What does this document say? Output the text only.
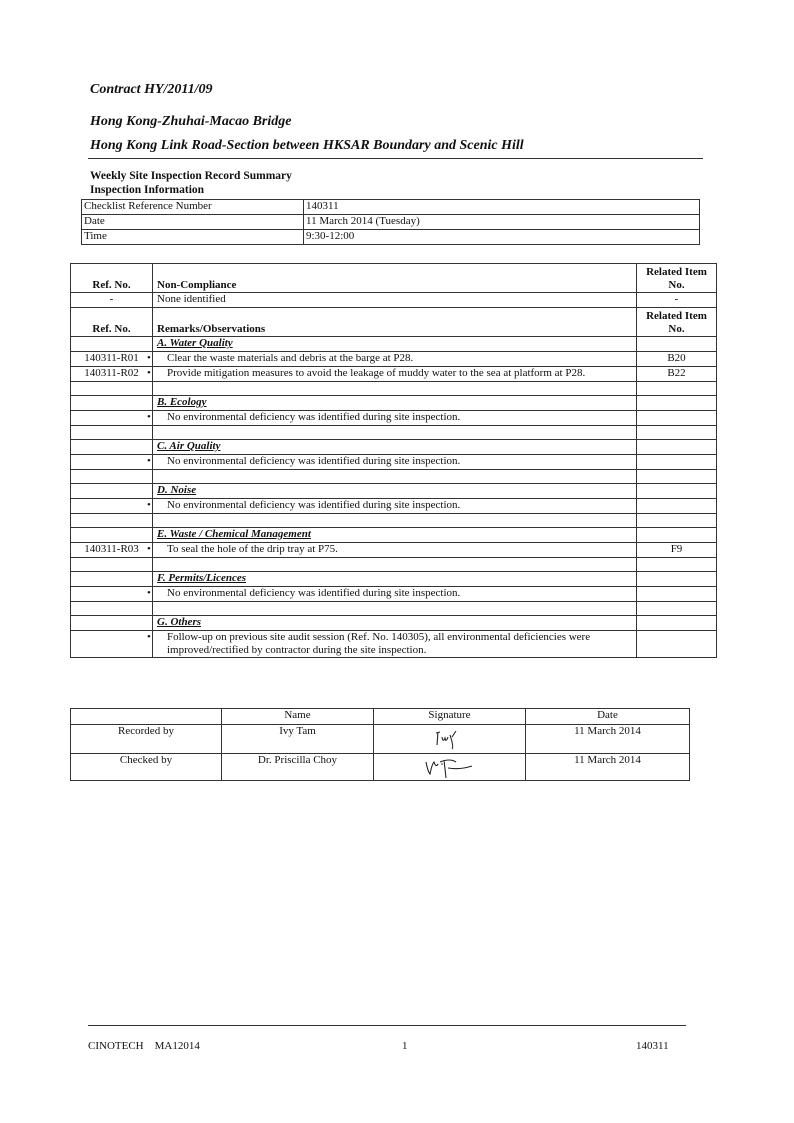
Contract HY/2011/09
Hong Kong-Zhuhai-Macao Bridge
Hong Kong Link Road-Section between HKSAR Boundary and Scenic Hill
Weekly Site Inspection Record Summary
Inspection Information
Checklist Reference Number	140311
Date	11 March 2014 (Tuesday)
Time	9:30-12:00
Ref. No.	Non-Compliance	Related Item No.
-	None identified	-
Ref. No.	Remarks/Observations	Related Item No.
	A. Water Quality	
140311-R01	• Clear the waste materials and debris at the barge at P28.	B20
140311-R02	• Provide mitigation measures to avoid the leakage of muddy water to the sea at platform at P28.	B22

	B. Ecology	

	• No environmental deficiency was identified during site inspection.

	C. Air Quality	

	• No environmental deficiency was identified during site inspection.

	D. Noise	

	• No environmental deficiency was identified during site inspection.

	E. Waste / Chemical Management	
140311-R03	• To seal the hole of the drip tray at P75.	F9

	F. Permits/Licences	

	• No environmental deficiency was identified during site inspection.

	G. Others	

	• Follow-up on previous site audit session (Ref. No. 140305), all environmental deficiencies were improved/rectified by contractor during the site inspection.

	Name	Signature	Date
Recorded by	Ivy Tam		11 March 2014
Checked by	Dr. Priscilla Choy		11 March 2014
CINOTECH    MA12014	1	140311
